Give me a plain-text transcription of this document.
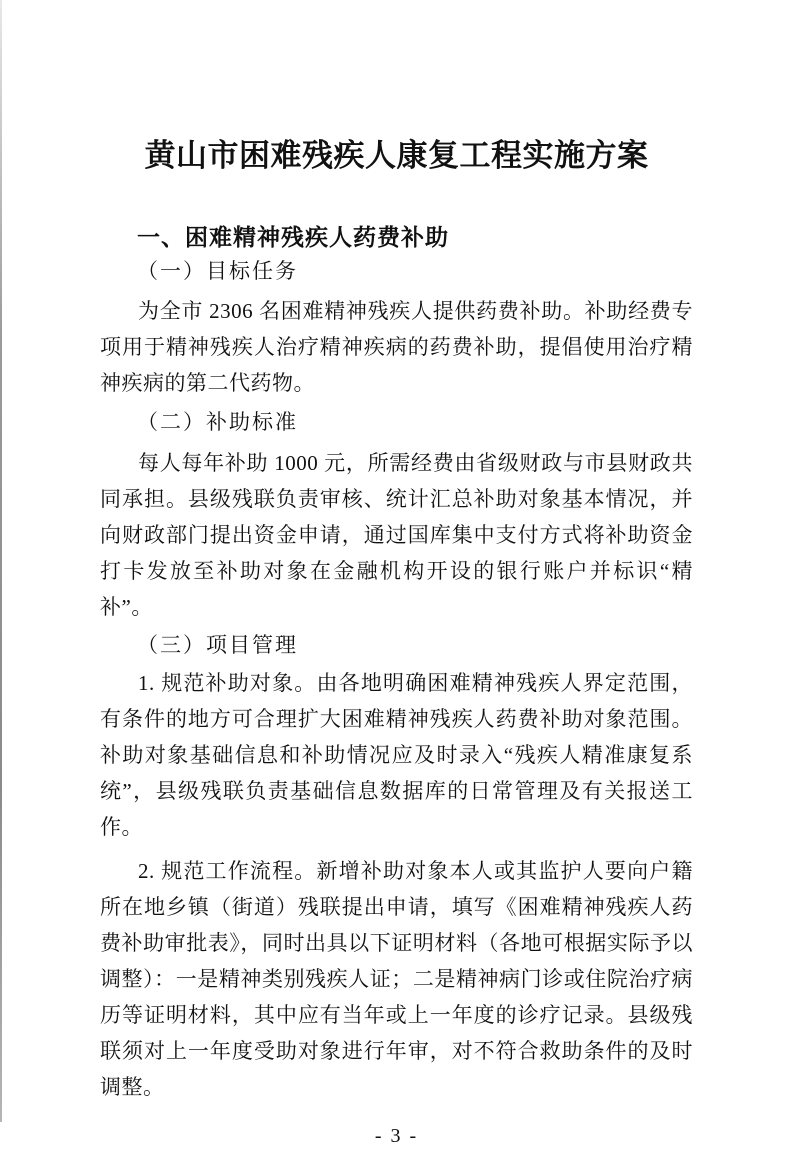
黄山市困难残疾人康复工程实施方案
一、困难精神残疾人药费补助
（一）目标任务
为全市 2306 名困难精神残疾人提供药费补助。补助经费专项用于精神残疾人治疗精神疾病的药费补助，提倡使用治疗精神疾病的第二代药物。
（二）补助标准
每人每年补助 1000 元，所需经费由省级财政与市县财政共同承担。县级残联负责审核、统计汇总补助对象基本情况，并向财政部门提出资金申请，通过国库集中支付方式将补助资金打卡发放至补助对象在金融机构开设的银行账户并标识“精补”。
（三）项目管理
1. 规范补助对象。由各地明确困难精神残疾人界定范围，有条件的地方可合理扩大困难精神残疾人药费补助对象范围。补助对象基础信息和补助情况应及时录入“残疾人精准康复系统”，县级残联负责基础信息数据库的日常管理及有关报送工作。
2. 规范工作流程。新增补助对象本人或其监护人要向户籍所在地乡镇（街道）残联提出申请，填写《困难精神残疾人药费补助审批表》，同时出具以下证明材料（各地可根据实际予以调整）：一是精神类别残疾人证；二是精神病门诊或住院治疗病历等证明材料，其中应有当年或上一年度的诊疗记录。县级残联须对上一年度受助对象进行年审，对不符合救助条件的及时调整。
- 3 -
